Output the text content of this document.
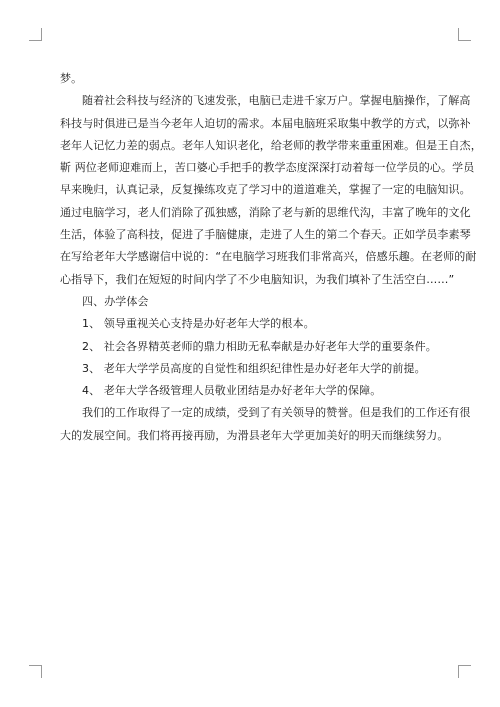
梦。
随着社会科技与经济的飞速发张，电脑已走进千家万户。掌握电脑操作，了解高
科技与时俱进已是当今老年人迫切的需求。本届电脑班采取集中教学的方式，以弥补
老年人记忆力差的弱点。老年人知识老化，给老师的教学带来重重困难。但是王自杰，
靳 两位老师迎难而上，苦口婆心手把手的教学态度深深打动着每一位学员的心。学员
早来晚归，认真记录，反复操练攻克了学习中的道道难关，掌握了一定的电脑知识。
通过电脑学习，老人们消除了孤独感，消除了老与新的思维代沟，丰富了晚年的文化
生活，体验了高科技，促进了手脑健康，走进了人生的第二个春天。正如学员李素琴
在写给老年大学感谢信中说的：“在电脑学习班我们非常高兴，倍感乐趣。在老师的耐
心指导下，我们在短短的时间内学了不少电脑知识，为我们填补了生活空白……”
四、办学体会
1、 领导重视关心支持是办好老年大学的根本。
2、 社会各界精英老师的鼎力相助无私奉献是办好老年大学的重要条件。
3、 老年大学学员高度的自觉性和组织纪律性是办好老年大学的前提。
4、 老年大学各级管理人员敬业团结是办好老年大学的保障。
我们的工作取得了一定的成绩，受到了有关领导的赞誉。但是我们的工作还有很
大的发展空间。我们将再接再励，为滑县老年大学更加美好的明天而继续努力。
